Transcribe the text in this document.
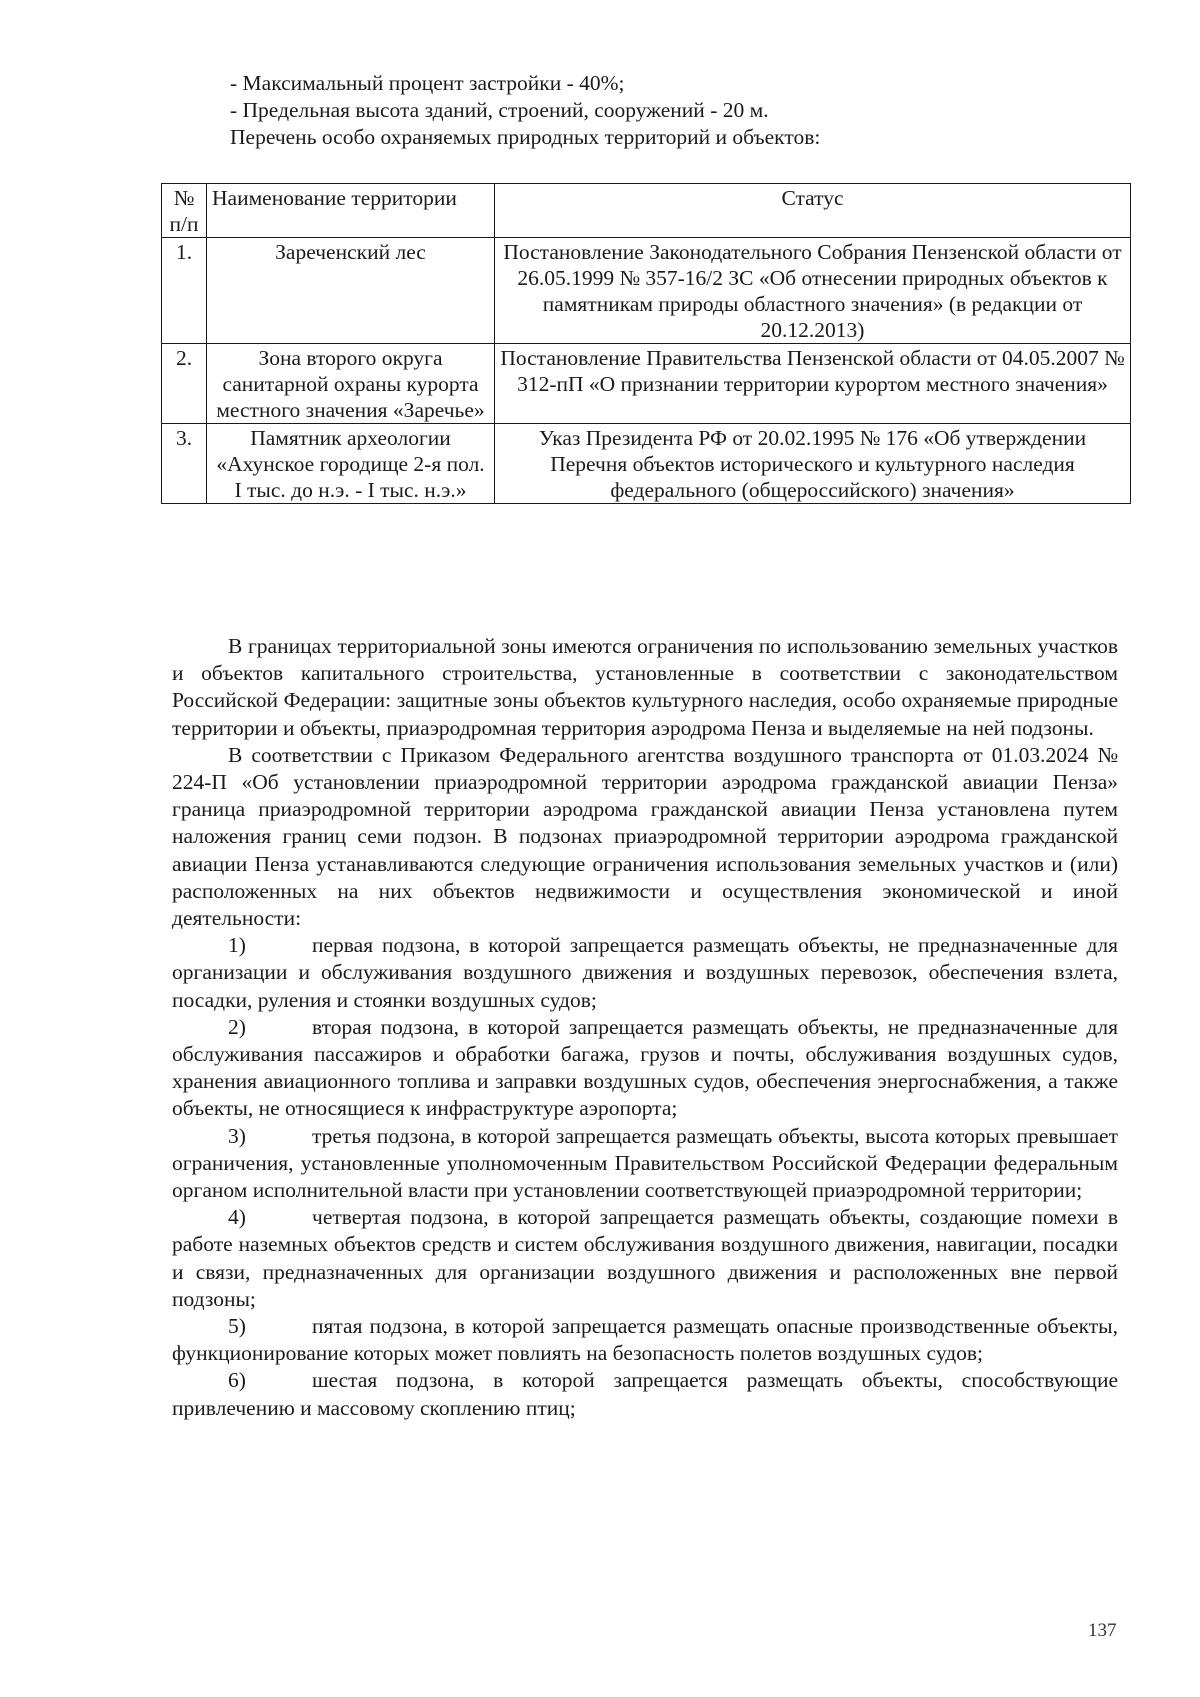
- Максимальный процент застройки - 40%;

- Предельная высота зданий, строений, сооружений - 20 м.

Перечень особо охраняемых природных территорий и объектов:

№ п/п	Наименование территории	Статус
1.	Зареченский лес	Постановление Законодательного Собрания Пензенской области от 26.05.1999 № 357-16/2 ЗС «Об отнесении природных объектов к памятникам природы областного значения» (в редакции от 20.12.2013)
2.	Зона второго округа санитарной охраны курорта местного значения «Заречье»	Постановление Правительства Пензенской области от 04.05.2007 № 312-пП «О признании территории курортом местного значения»
3.	Памятник археологии «Ахунское городище 2-я пол. I тыс. до н.э. - I тыс. н.э.»	Указ Президента РФ от 20.02.1995 № 176 «Об утверждении Перечня объектов исторического и культурного наследия федерального (общероссийского) значения»

В границах территориальной зоны имеются ограничения по использованию земельных участков и объектов капитального строительства, установленные в соответствии с законодательством Российской Федерации: защитные зоны объектов культурного наследия, особо охраняемые природные территории и объекты, приаэродромная территория аэродрома Пенза и выделяемые на ней подзоны.

В соответствии с Приказом Федерального агентства воздушного транспорта от 01.03.2024 № 224-П «Об установлении приаэродромной территории аэродрома гражданской авиации Пенза» граница приаэродромной территории аэродрома гражданской авиации Пенза установлена путем наложения границ семи подзон. В подзонах приаэродромной территории аэродрома гражданской авиации Пенза устанавливаются следующие ограничения использования земельных участков и (или) расположенных на них объектов недвижимости и осуществления экономической и иной деятельности:

1)	первая подзона, в которой запрещается размещать объекты, не предназначенные для организации и обслуживания воздушного движения и воздушных перевозок, обеспечения взлета, посадки, руления и стоянки воздушных судов;

2)	вторая подзона, в которой запрещается размещать объекты, не предназначенные для обслуживания пассажиров и обработки багажа, грузов и почты, обслуживания воздушных судов, хранения авиационного топлива и заправки воздушных судов, обеспечения энергоснабжения, а также объекты, не относящиеся к инфраструктуре аэропорта;

3)	третья подзона, в которой запрещается размещать объекты, высота которых превышает ограничения, установленные уполномоченным Правительством Российской Федерации федеральным органом исполнительной власти при установлении соответствующей приаэродромной территории;

4)	четвертая подзона, в которой запрещается размещать объекты, создающие помехи в работе наземных объектов средств и систем обслуживания воздушного движения, навигации, посадки и связи, предназначенных для организации воздушного движения и расположенных вне первой подзоны;

5)	пятая подзона, в которой запрещается размещать опасные производственные объекты, функционирование которых может повлиять на безопасность полетов воздушных судов;

6)	шестая подзона, в которой запрещается размещать объекты, способствующие привлечению и массовому скоплению птиц;

137
